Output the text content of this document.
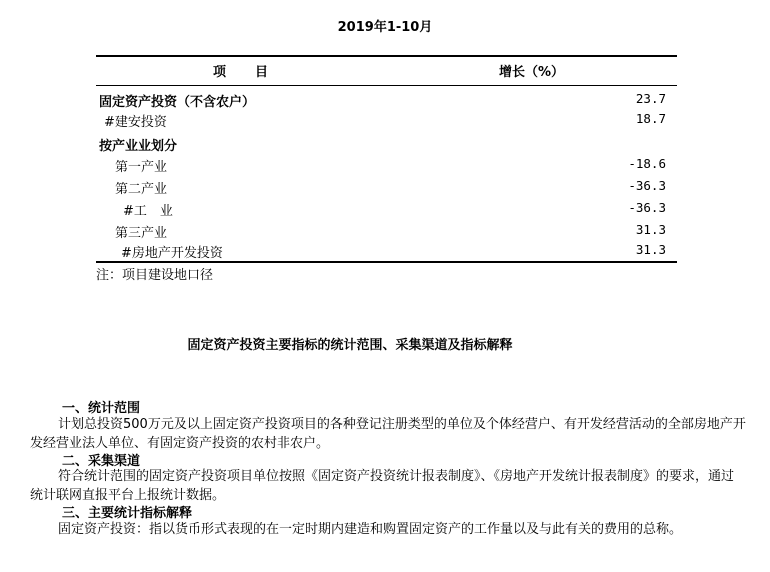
2019年1-10月
项　　目	增长（%）
固定资产投资（不含农户）	23.7
#建安投资	18.7
按产业业划分
第一产业	-18.6
第二产业	-36.3
#工　业	-36.3
第三产业	31.3
#房地产开发投资	31.3
注：项目建设地口径
固定资产投资主要指标的统计范围、采集渠道及指标解释
一、统计范围
计划总投资500万元及以上固定资产投资项目的各种登记注册类型的单位及个体经营户、有开发经营活动的全部房地产开发经营业法人单位、有固定资产投资的农村非农户。
二、采集渠道
符合统计范围的固定资产投资项目单位按照《固定资产投资统计报表制度》、《房地产开发统计报表制度》的要求，通过统计联网直报平台上报统计数据。
三、主要统计指标解释
固定资产投资：指以货币形式表现的在一定时期内建造和购置固定资产的工作量以及与此有关的费用的总称。
